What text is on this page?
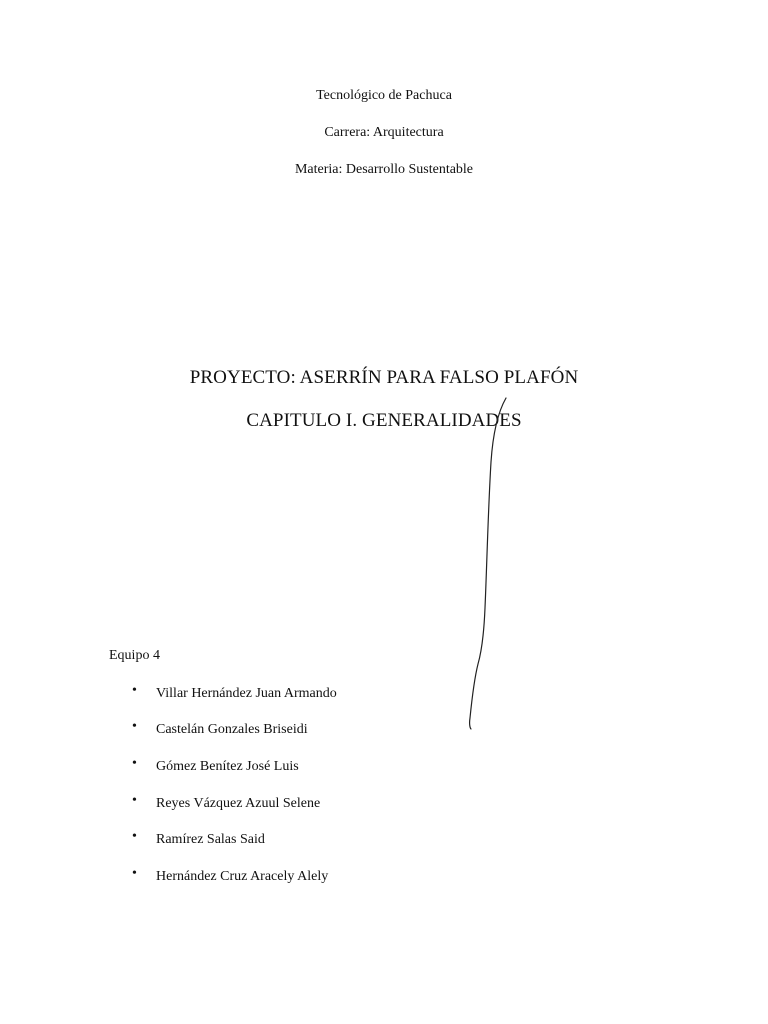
Tecnológico de Pachuca
Carrera: Arquitectura
Materia: Desarrollo Sustentable
PROYECTO: ASERRÍN PARA FALSO PLAFÓN
CAPITULO I. GENERALIDADES
Equipo 4
• Villar Hernández Juan Armando
• Castelán Gonzales Briseidi
• Gómez Benítez José Luis
• Reyes Vázquez Azuul Selene
• Ramírez Salas Said
• Hernández Cruz Aracely Alely
